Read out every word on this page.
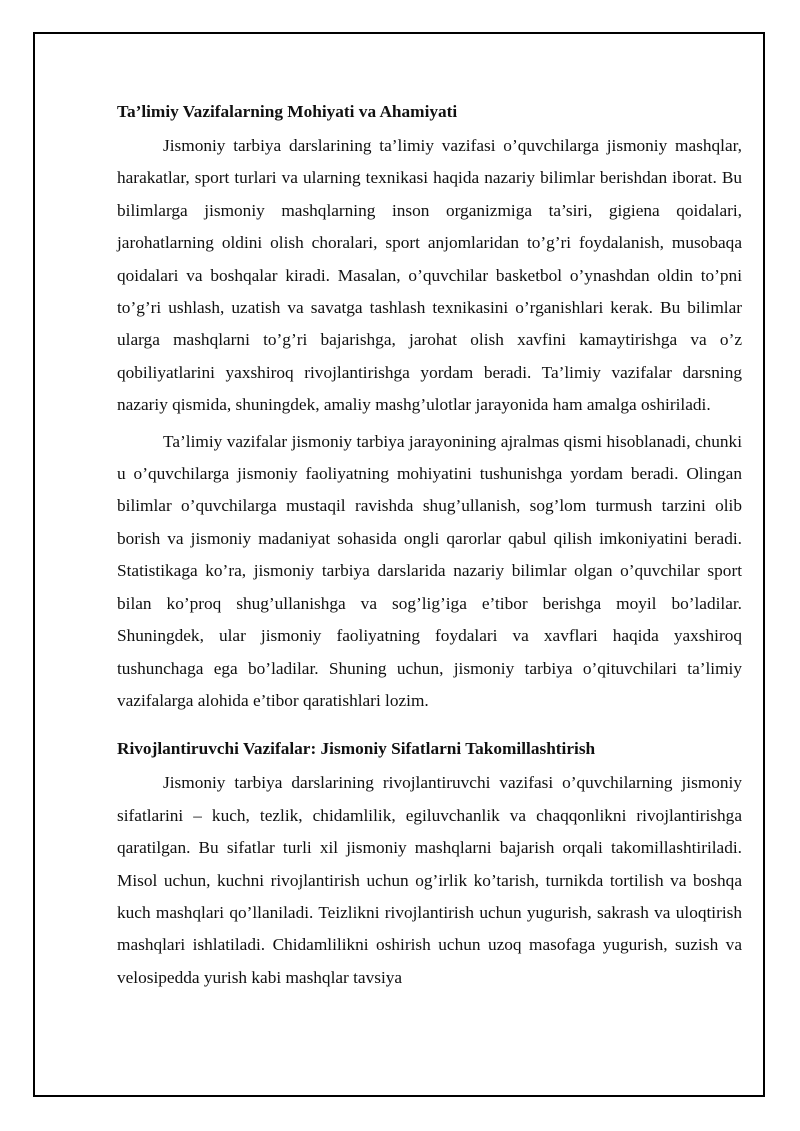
Ta’limiy Vazifalarning Mohiyati va Ahamiyati

Jismoniy tarbiya darslarining ta’limiy vazifasi o’quvchilarga jismoniy mashqlar, harakatlar, sport turlari va ularning texnikasi haqida nazariy bilimlar berishdan iborat. Bu bilimlarga jismoniy mashqlarning inson organizmiga ta’siri, gigiena qoidalari, jarohatlarning oldini olish choralari, sport anjomlaridan to’g’ri foydalanish, musobaqa qoidalari va boshqalar kiradi. Masalan, o’quvchilar basketbol o’ynashdan oldin to’pni to’g’ri ushlash, uzatish va savatga tashlash texnikasini o’rganishlari kerak. Bu bilimlar ularga mashqlarni to’g’ri bajarishga, jarohat olish xavfini kamaytirishga va o’z qobiliyatlarini yaxshiroq rivojlantirishga yordam beradi. Ta’limiy vazifalar darsning nazariy qismida, shuningdek, amaliy mashg’ulotlar jarayonida ham amalga oshiriladi.

Ta’limiy vazifalar jismoniy tarbiya jarayonining ajralmas qismi hisoblanadi, chunki u o’quvchilarga jismoniy faoliyatning mohiyatini tushunishga yordam beradi. Olingan bilimlar o’quvchilarga mustaqil ravishda shug’ullanish, sog’lom turmush tarzini olib borish va jismoniy madaniyat sohasida ongli qarorlar qabul qilish imkoniyatini beradi. Statistikaga ko’ra, jismoniy tarbiya darslarida nazariy bilimlar olgan o’quvchilar sport bilan ko’proq shug’ullanishga va sog’lig’iga e’tibor berishga moyil bo’ladilar. Shuningdek, ular jismoniy faoliyatning foydalari va xavflari haqida yaxshiroq tushunchaga ega bo’ladilar. Shuning uchun, jismoniy tarbiya o’qituvchilari ta’limiy vazifalarga alohida e’tibor qaratishlari lozim.

Rivojlantiruvchi Vazifalar: Jismoniy Sifatlarni Takomillashtirish

Jismoniy tarbiya darslarining rivojlantiruvchi vazifasi o’quvchilarning jismoniy sifatlarini – kuch, tezlik, chidamlilik, egiluvchanlik va chaqqonlikni rivojlantirishga qaratilgan. Bu sifatlar turli xil jismoniy mashqlarni bajarish orqali takomillashtiriladi. Misol uchun, kuchni rivojlantirish uchun og’irlik ko’tarish, turnikda tortilish va boshqa kuch mashqlari qo’llaniladi. Teizlikni rivojlantirish uchun yugurish, sakrash va uloqtirish mashqlari ishlatiladi. Chidamlilikni oshirish uchun uzoq masofaga yugurish, suzish va velosipedda yurish kabi mashqlar tavsiya
